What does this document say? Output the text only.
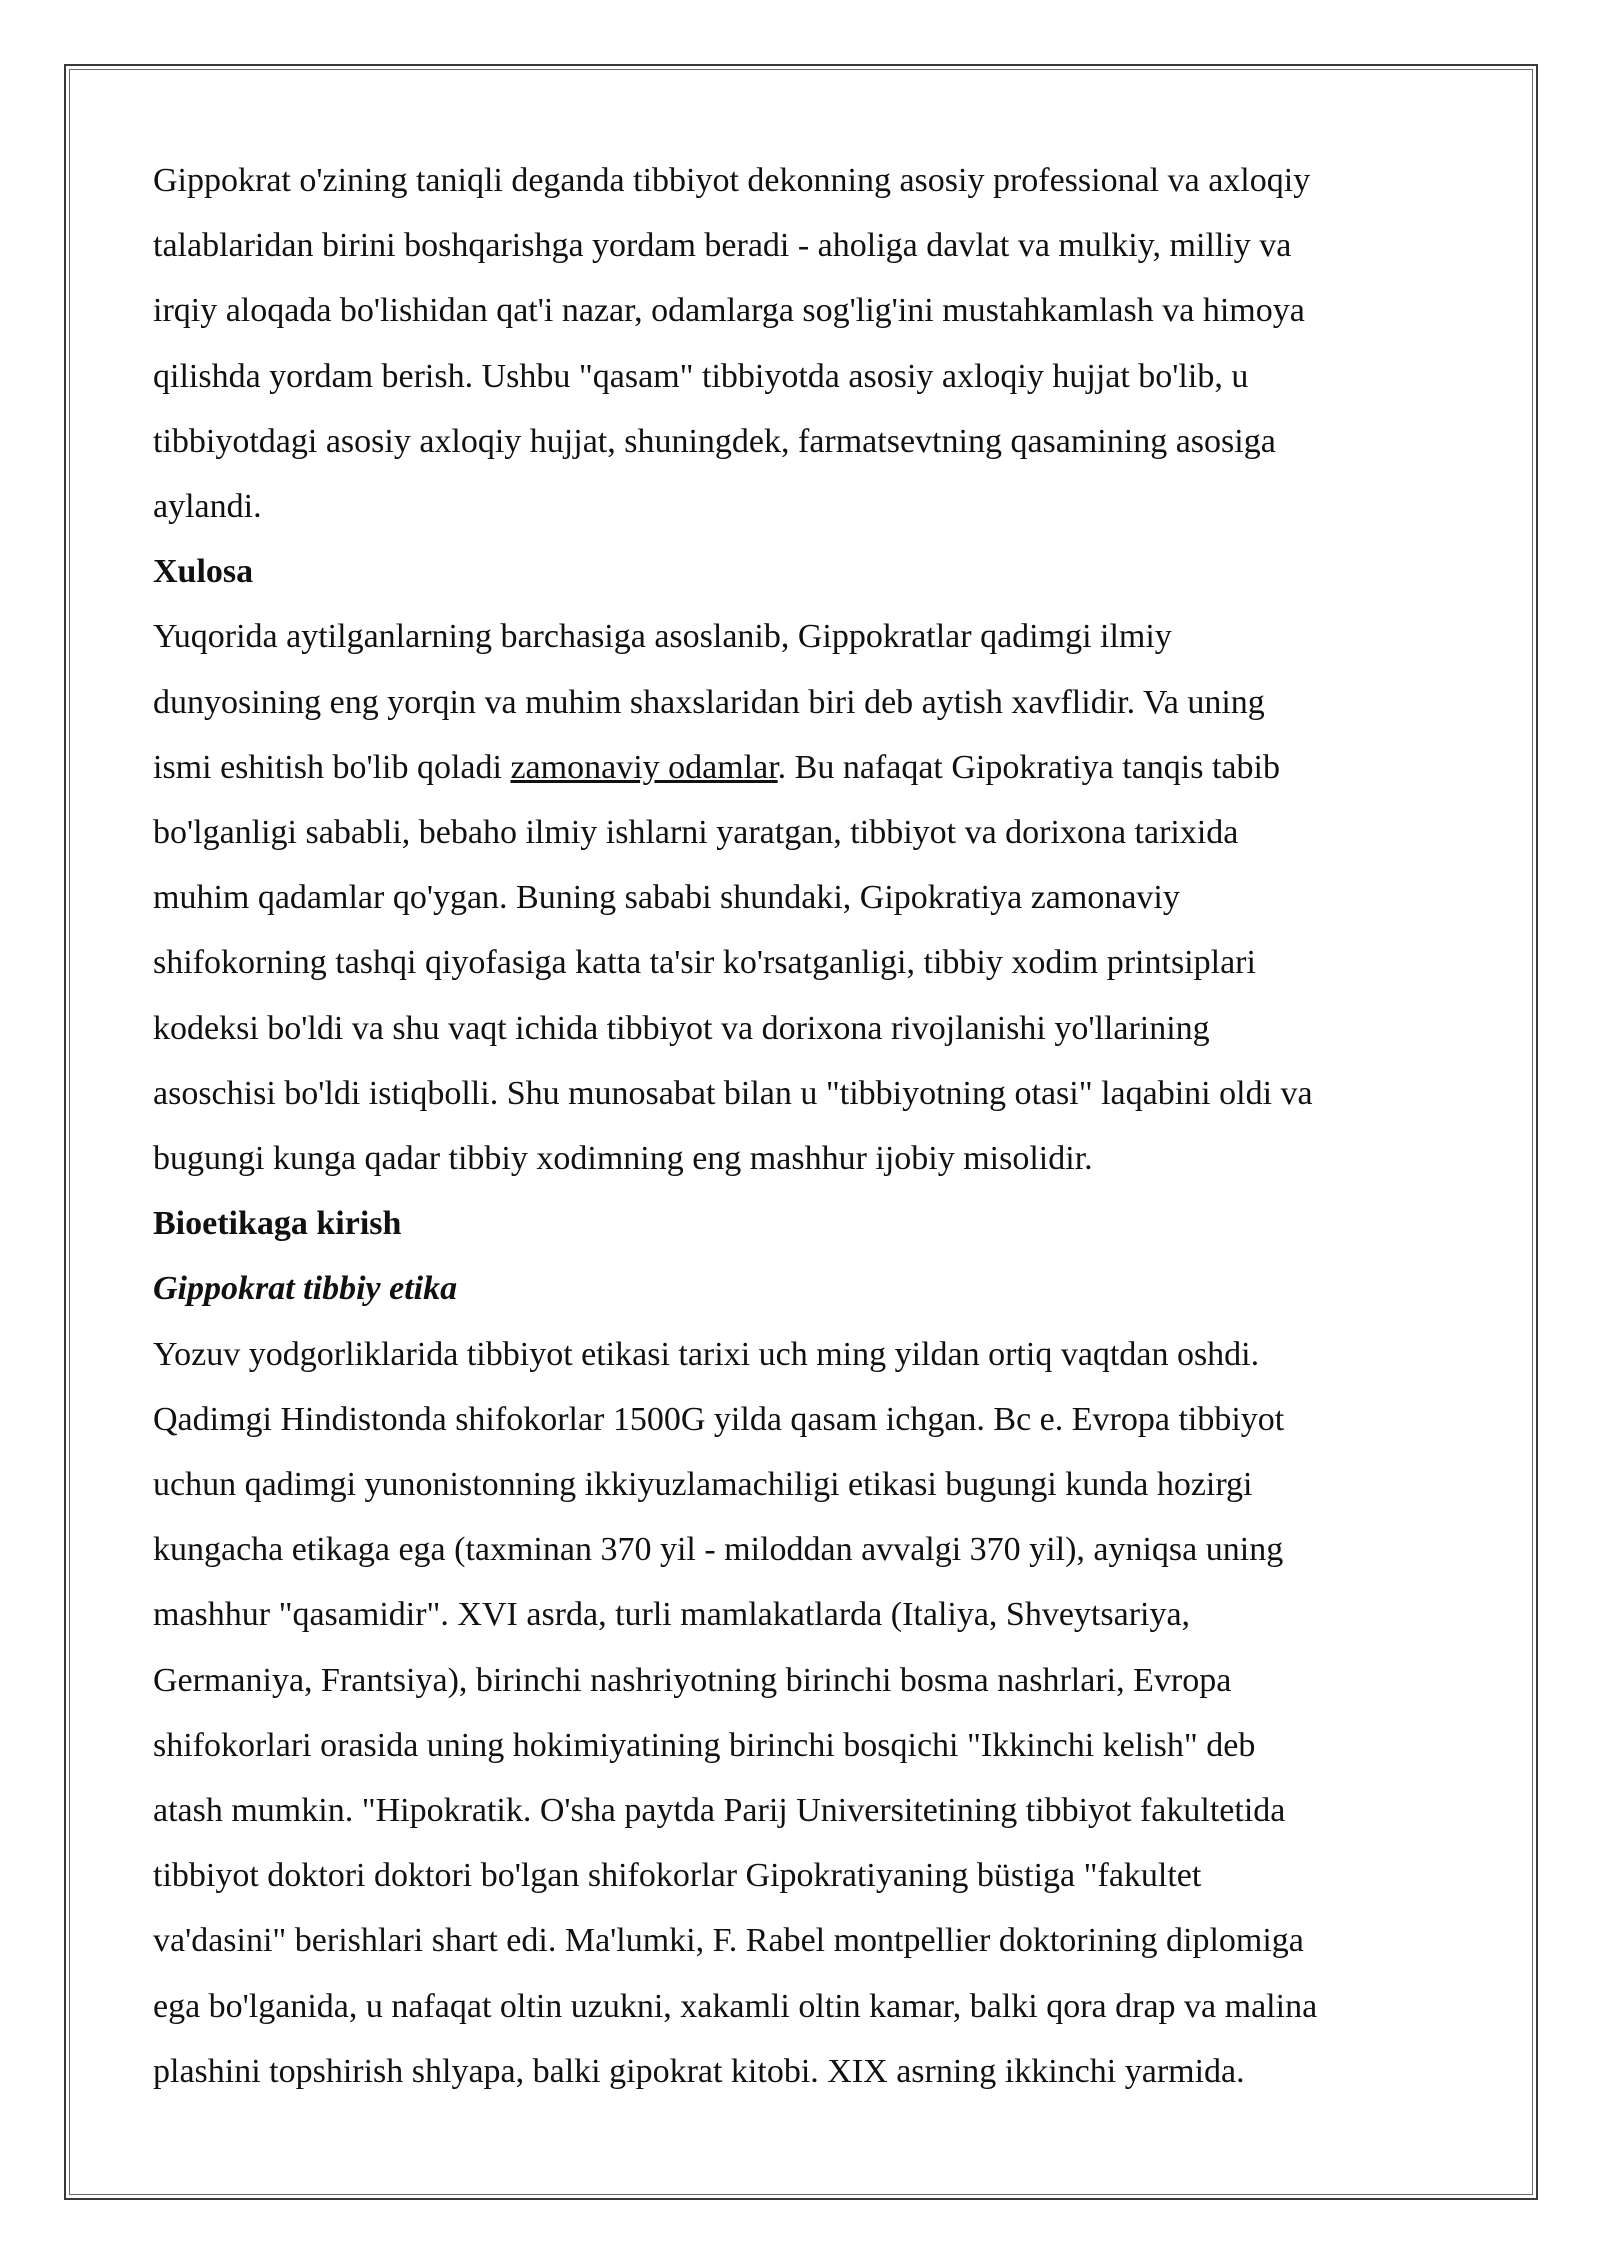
Gippokrat o'zining taniqli deganda tibbiyot dekonning asosiy professional va axloqiy
talablaridan birini boshqarishga yordam beradi - aholiga davlat va mulkiy, milliy va
irqiy aloqada bo'lishidan qat'i nazar, odamlarga sog'lig'ini mustahkamlash va himoya
qilishda yordam berish. Ushbu "qasam" tibbiyotda asosiy axloqiy hujjat bo'lib, u
tibbiyotdagi asosiy axloqiy hujjat, shuningdek, farmatsevtning qasamining asosiga
aylandi.
Xulosa
Yuqorida aytilganlarning barchasiga asoslanib, Gippokratlar qadimgi ilmiy
dunyosining eng yorqin va muhim shaxslaridan biri deb aytish xavflidir. Va uning
ismi eshitish bo'lib qoladi zamonaviy odamlar. Bu nafaqat Gipokratiya tanqis tabib
bo'lganligi sababli, bebaho ilmiy ishlarni yaratgan, tibbiyot va dorixona tarixida
muhim qadamlar qo'ygan. Buning sababi shundaki, Gipokratiya zamonaviy
shifokorning tashqi qiyofasiga katta ta'sir ko'rsatganligi, tibbiy xodim printsiplari
kodeksi bo'ldi va shu vaqt ichida tibbiyot va dorixona rivojlanishi yo'llarining
asoschisi bo'ldi istiqbolli. Shu munosabat bilan u "tibbiyotning otasi" laqabini oldi va
bugungi kunga qadar tibbiy xodimning eng mashhur ijobiy misolidir.
Bioetikaga kirish
Gippokrat tibbiy etika
Yozuv yodgorliklarida tibbiyot etikasi tarixi uch ming yildan ortiq vaqtdan oshdi.
Qadimgi Hindistonda shifokorlar 1500G yilda qasam ichgan. Bc e. Evropa tibbiyot
uchun qadimgi yunonistonning ikkiyuzlamachiligi etikasi bugungi kunda hozirgi
kungacha etikaga ega (taxminan 370 yil - miloddan avvalgi 370 yil), ayniqsa uning
mashhur "qasamidir". XVI asrda, turli mamlakatlarda (Italiya, Shveytsariya,
Germaniya, Frantsiya), birinchi nashriyotning birinchi bosma nashrlari, Evropa
shifokorlari orasida uning hokimiyatining birinchi bosqichi "Ikkinchi kelish" deb
atash mumkin. "Hipokratik. O'sha paytda Parij Universitetining tibbiyot fakultetida
tibbiyot doktori doktori bo'lgan shifokorlar Gipokratiyaning büstiga "fakultet
va'dasini" berishlari shart edi. Ma'lumki, F. Rabel montpellier doktorining diplomiga
ega bo'lganida, u nafaqat oltin uzukni, xakamli oltin kamar, balki qora drap va malina
plashini topshirish shlyapa, balki gipokrat kitobi. XIX asrning ikkinchi yarmida.
